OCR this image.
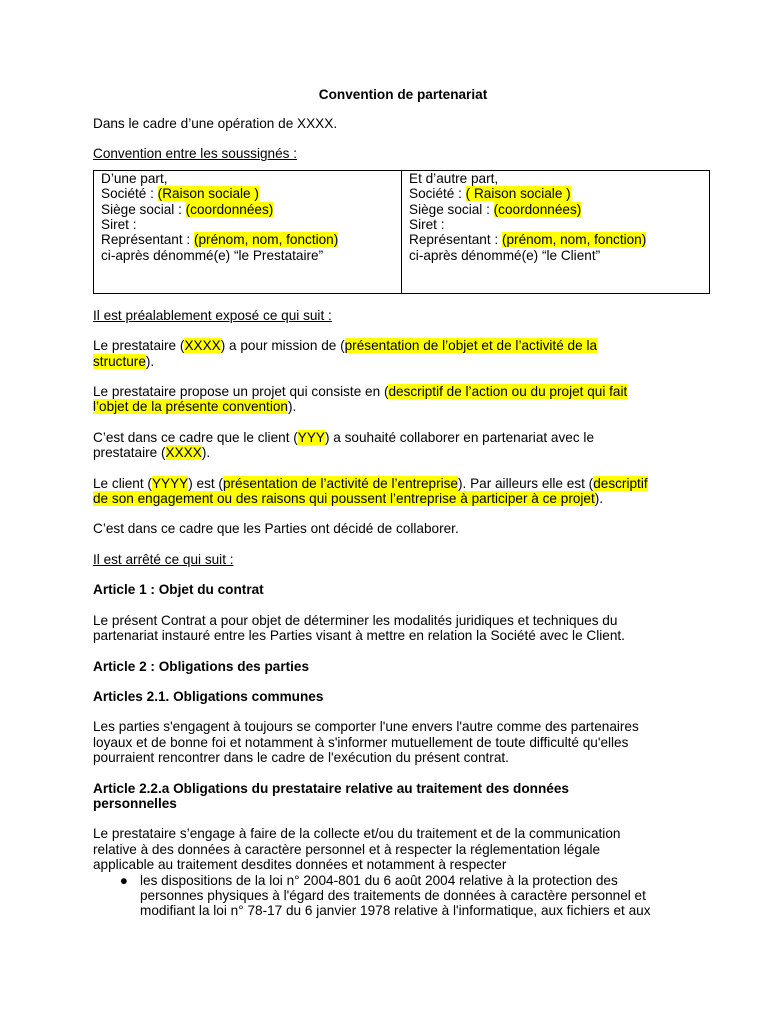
Convention de partenariat

Dans le cadre d’une opération de XXXX.

Convention entre les soussignés :

D’une part,
Société : (Raison sociale )
Siège social : (coordonnées)
Siret :
Représentant : (prénom, nom, fonction)
ci-après dénommé(e) “le Prestataire”

Et d’autre part,
Société : ( Raison sociale )
Siège social : (coordonnées)
Siret :
Représentant : (prénom, nom, fonction)
ci-après dénommé(e) “le Client”

Il est préalablement exposé ce qui suit :

Le prestataire (XXXX) a pour mission de (présentation de l’objet et de l’activité de la
structure).

Le prestataire propose un projet qui consiste en (descriptif de l’action ou du projet qui fait
l’objet de la présente convention).

C’est dans ce cadre que le client (YYY) a souhaité collaborer en partenariat avec le
prestataire (XXXX).

Le client (YYYY) est (présentation de l’activité de l’entreprise). Par ailleurs elle est (descriptif
de son engagement ou des raisons qui poussent l’entreprise à participer à ce projet).

C’est dans ce cadre que les Parties ont décidé de collaborer.

Il est arrêté ce qui suit :

Article 1 : Objet du contrat

Le présent Contrat a pour objet de déterminer les modalités juridiques et techniques du
partenariat instauré entre les Parties visant à mettre en relation la Société avec le Client.

Article 2 : Obligations des parties

Articles 2.1. Obligations communes

Les parties s'engagent à toujours se comporter l'une envers l'autre comme des partenaires
loyaux et de bonne foi et notamment à s'informer mutuellement de toute difficulté qu'elles
pourraient rencontrer dans le cadre de l'exécution du présent contrat.

Article 2.2.a Obligations du prestataire relative au traitement des données
personnelles

Le prestataire s’engage à faire de la collecte et/ou du traitement et de la communication
relative à des données à caractère personnel et à respecter la réglementation légale
applicable au traitement desdites données et notamment à respecter

● les dispositions de la loi n° 2004-801 du 6 août 2004 relative à la protection des
personnes physiques à l'égard des traitements de données à caractère personnel et
modifiant la loi n° 78-17 du 6 janvier 1978 relative à l'informatique, aux fichiers et aux
